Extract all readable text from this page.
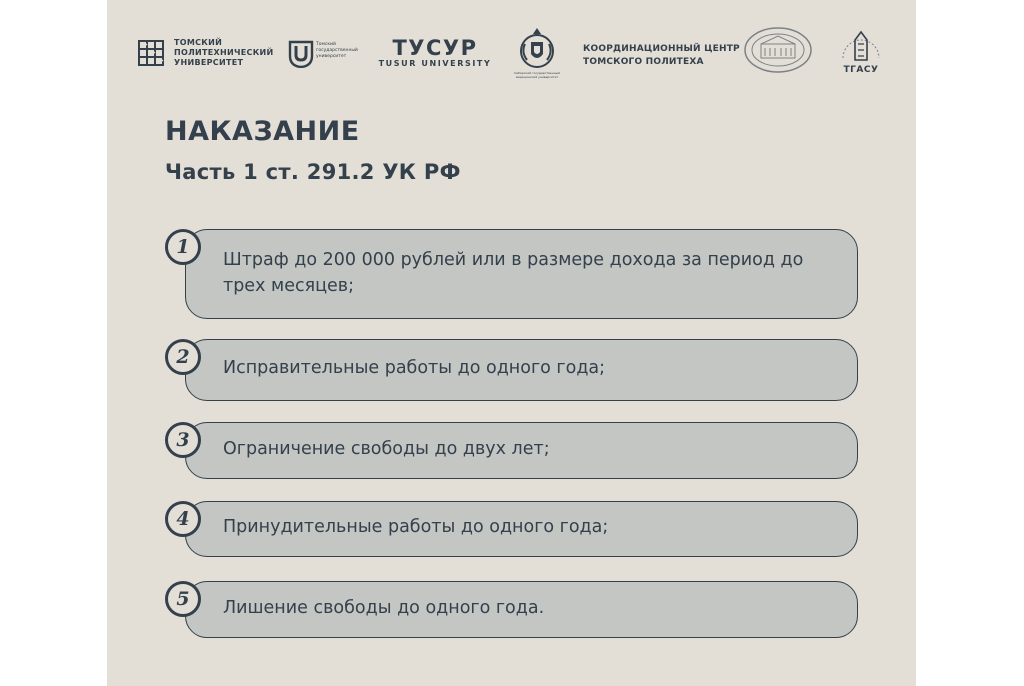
ТОМСКИЙ
ПОЛИТЕХНИЧЕСКИЙ
УНИВЕРСИТЕТ
Томский государственный университет	ТУСУР
TUSUR UNIVERSITY
Сибирский государственный медицинский университет
КООРДИНАЦИОННЫЙ ЦЕНТР
ТОМСКОГО ПОЛИТЕХА
ТГАСУ
НАКАЗАНИЕ
Часть 1 ст. 291.2 УК РФ
1
Штраф до 200 000 рублей или в размере дохода за период до трех месяцев;
2	Исправительные работы до одного года;
3	Ограничение свободы до двух лет;
4	Принудительные работы до одного года;
5	Лишение свободы до одного года.
